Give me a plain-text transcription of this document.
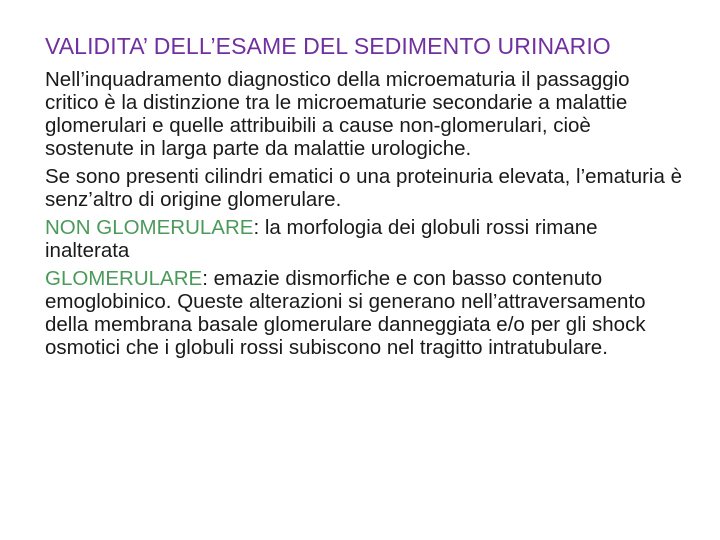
VALIDITA’ DELL’ESAME DEL SEDIMENTO URINARIO

Nell’inquadramento diagnostico della microematuria il passaggio critico è la distinzione tra le microematurie secondarie a malattie glomerulari e quelle attribuibili a cause non-glomerulari, cioè sostenute in larga parte da malattie urologiche.

Se sono presenti cilindri ematici o una proteinuria elevata, l’ematuria è senz’altro di origine glomerulare.

NON GLOMERULARE: la morfologia dei globuli rossi rimane inalterata

GLOMERULARE: emazie dismorfiche e con basso contenuto emoglobinico. Queste alterazioni si generano nell’attraversamento della membrana basale glomerulare danneggiata e/o per gli shock osmotici che i globuli rossi subiscono nel tragitto intratubulare.
